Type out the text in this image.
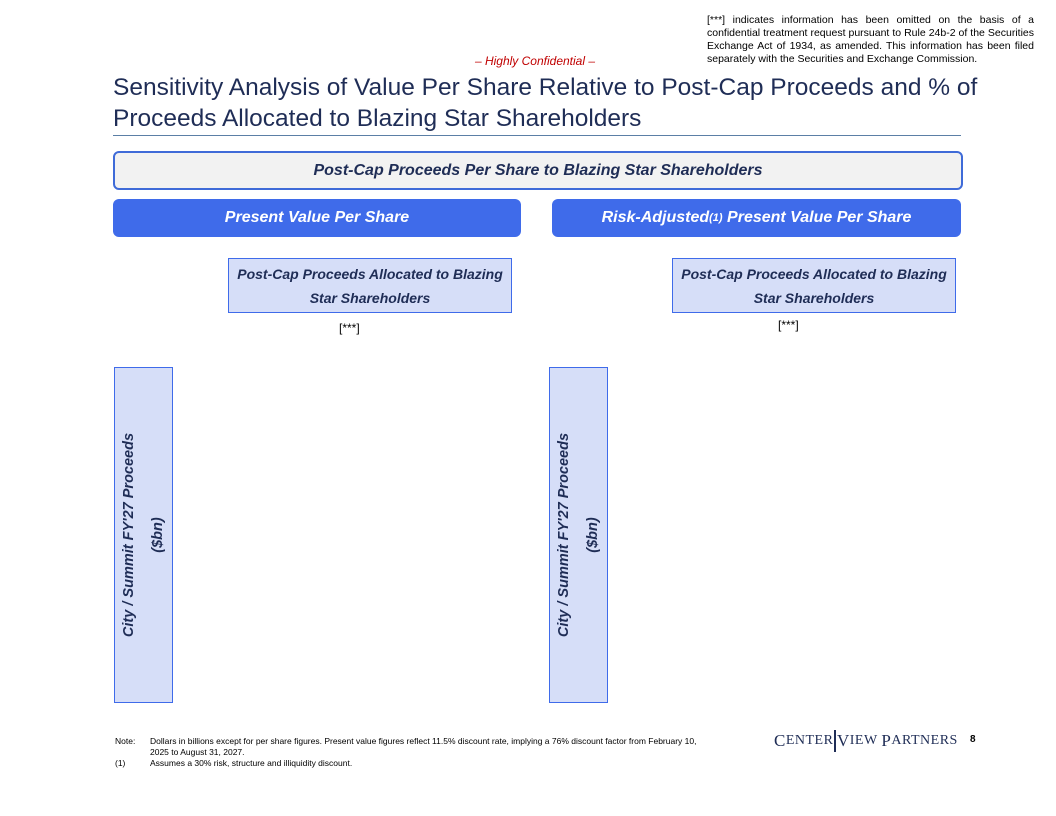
[***] indicates information has been omitted on the basis of a confidential treatment request pursuant to Rule 24b-2 of the Securities Exchange Act of 1934, as amended. This information has been filed separately with the Securities and Exchange Commission.
– Highly Confidential –
Sensitivity Analysis of Value Per Share Relative to Post-Cap Proceeds and % of Proceeds Allocated to Blazing Star Shareholders
Post-Cap Proceeds Per Share to Blazing Star Shareholders
Present Value Per Share
Post-Cap Proceeds Allocated to Blazing Star Shareholders
[***]
City / Summit FY'27 Proceeds ($bn)
Risk-Adjusted (1) Present Value Per Share
Post-Cap Proceeds Allocated to Blazing Star Shareholders
[***]
City / Summit FY'27 Proceeds ($bn)
Note:	Dollars in billions except for per share figures. Present value figures reflect 11.5% discount rate, implying a 76% discount factor from February 10, 2025 to August 31, 2027.
(1)	Assumes a 30% risk, structure and illiquidity discount.
C ENTER V IEW P ARTNERS 8
